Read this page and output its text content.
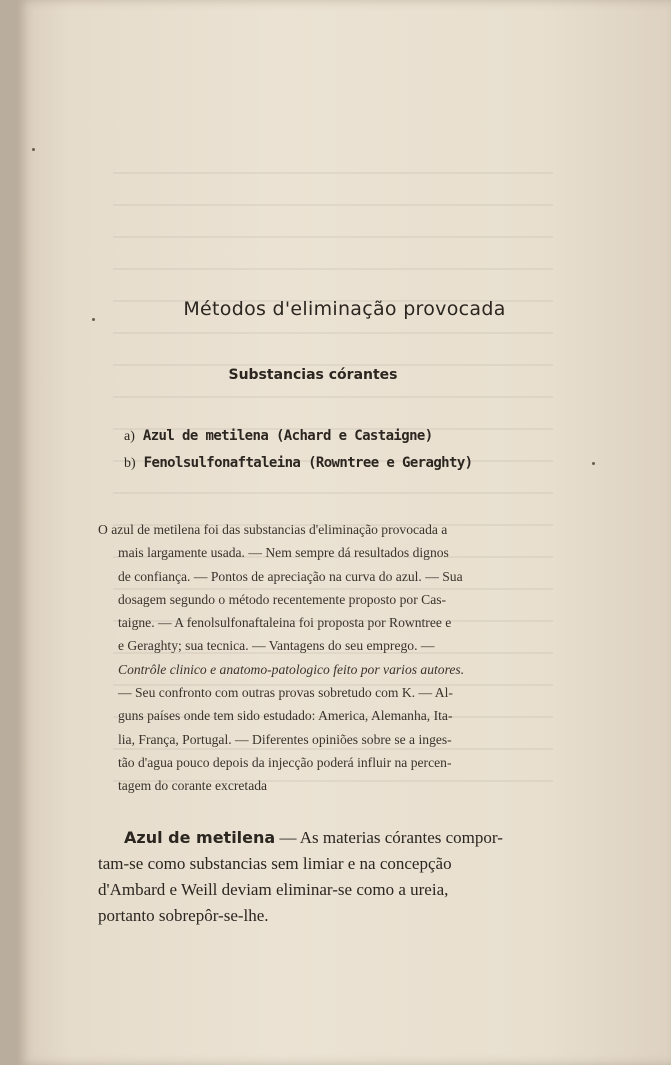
Métodos d'eliminação provocada
Substancias córantes
a) Azul de metilena (Achard e Castaigne)
b) Fenolsulfonaftaleina (Rowntree e Geraghty)
O azul de metilena foi das substancias d'eliminação provocada a
mais largamente usada. — Nem sempre dá resultados dignos
de confiança. — Pontos de apreciação na curva do azul. — Sua
dosagem segundo o método recentemente proposto por Cas-
taigne. — A fenolsulfonaftaleina foi proposta por Rowntree e
e Geraghty; sua tecnica. — Vantagens do seu emprego. —
Contrôle clinico e anatomo-patologico feito por varios autores.
— Seu confronto com outras provas sobretudo com K. — Al-
guns países onde tem sido estudado: America, Alemanha, Ita-
lia, França, Portugal. — Diferentes opiniões sobre se a inges-
tão d'agua pouco depois da injecção poderá influir na percen-
tagem do corante excretada
Azul de metilena — As materias córantes compor-
tam-se como substancias sem limiar e na concepção
d'Ambard e Weill deviam eliminar-se como a ureia,
portanto sobrepôr-se-lhe.
